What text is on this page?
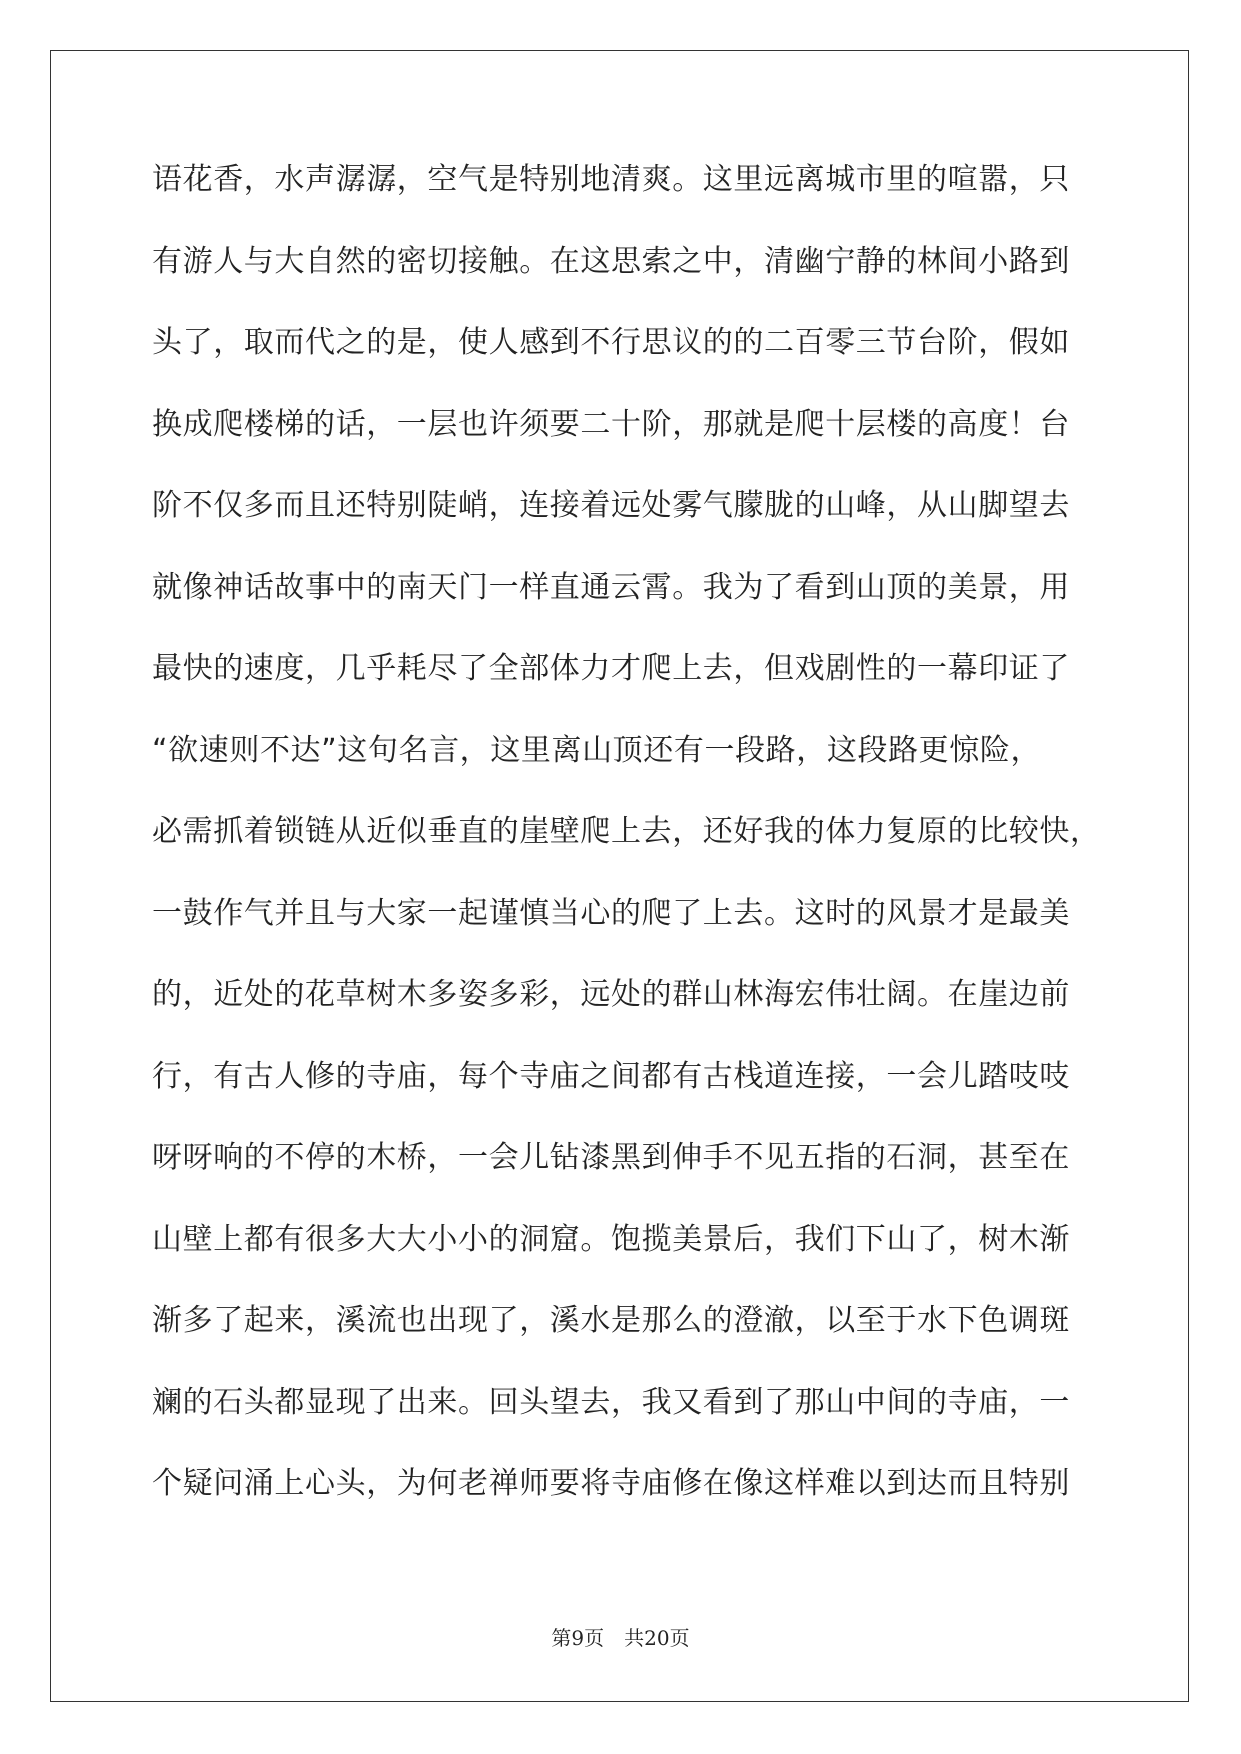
语花香，水声潺潺，空气是特别地清爽。这里远离城市里的喧嚣，只
有游人与大自然的密切接触。在这思索之中，清幽宁静的林间小路到
头了，取而代之的是，使人感到不行思议的的二百零三节台阶，假如
换成爬楼梯的话，一层也许须要二十阶，那就是爬十层楼的高度！台
阶不仅多而且还特别陡峭，连接着远处雾气朦胧的山峰，从山脚望去
就像神话故事中的南天门一样直通云霄。我为了看到山顶的美景，用
最快的速度，几乎耗尽了全部体力才爬上去，但戏剧性的一幕印证了
“欲速则不达”这句名言，这里离山顶还有一段路，这段路更惊险，
必需抓着锁链从近似垂直的崖壁爬上去，还好我的体力复原的比较快，
一鼓作气并且与大家一起谨慎当心的爬了上去。这时的风景才是最美
的，近处的花草树木多姿多彩，远处的群山林海宏伟壮阔。在崖边前
行，有古人修的寺庙，每个寺庙之间都有古栈道连接，一会儿踏吱吱
呀呀响的不停的木桥，一会儿钻漆黑到伸手不见五指的石洞，甚至在
山壁上都有很多大大小小的洞窟。饱揽美景后，我们下山了，树木渐
渐多了起来，溪流也出现了，溪水是那么的澄澈，以至于水下色调斑
斓的石头都显现了出来。回头望去，我又看到了那山中间的寺庙，一
个疑问涌上心头，为何老禅师要将寺庙修在像这样难以到达而且特别
第9页　共20页
